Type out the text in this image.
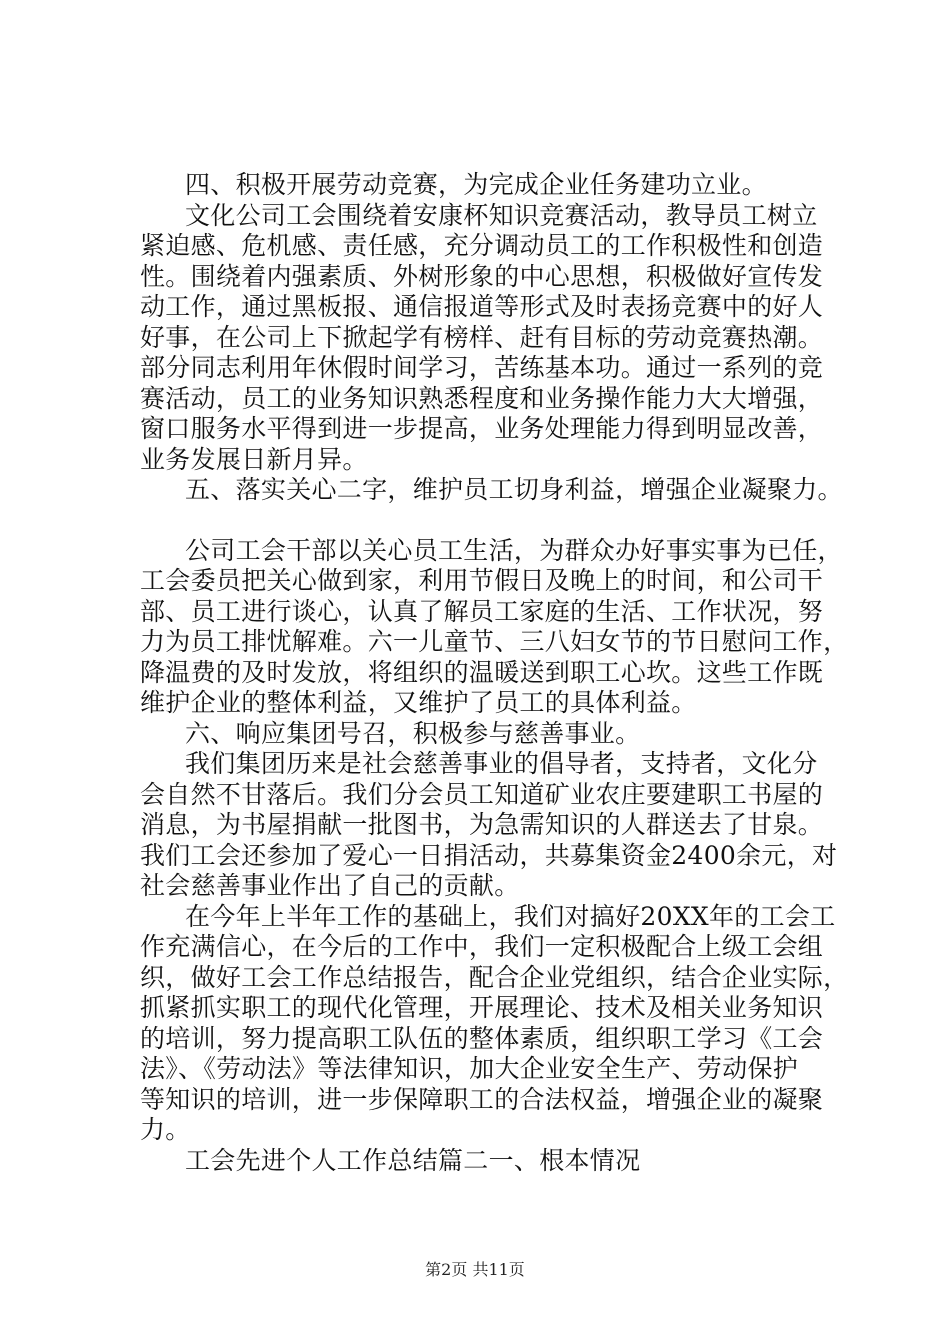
四、积极开展劳动竞赛，为完成企业任务建功立业。
文化公司工会围绕着安康杯知识竞赛活动，教导员工树立
紧迫感、危机感、责任感，充分调动员工的工作积极性和创造
性。围绕着内强素质、外树形象的中心思想，积极做好宣传发
动工作，通过黑板报、通信报道等形式及时表扬竞赛中的好人
好事，在公司上下掀起学有榜样、赶有目标的劳动竞赛热潮。
部分同志利用年休假时间学习，苦练基本功。通过一系列的竞
赛活动，员工的业务知识熟悉程度和业务操作能力大大增强，
窗口服务水平得到进一步提高，业务处理能力得到明显改善，
业务发展日新月异。
五、落实关心二字，维护员工切身利益，增强企业凝聚力。
公司工会干部以关心员工生活，为群众办好事实事为已任，
工会委员把关心做到家，利用节假日及晚上的时间，和公司干
部、员工进行谈心，认真了解员工家庭的生活、工作状况，努
力为员工排忧解难。六一儿童节、三八妇女节的节日慰问工作，
降温费的及时发放，将组织的温暖送到职工心坎。这些工作既
维护企业的整体利益，又维护了员工的具体利益。
六、响应集团号召，积极参与慈善事业。
我们集团历来是社会慈善事业的倡导者，支持者，文化分
会自然不甘落后。我们分会员工知道矿业农庄要建职工书屋的
消息，为书屋捐献一批图书，为急需知识的人群送去了甘泉。
我们工会还参加了爱心一日捐活动，共募集资金2400余元，对
社会慈善事业作出了自己的贡献。
在今年上半年工作的基础上，我们对搞好20XX年的工会工
作充满信心，在今后的工作中，我们一定积极配合上级工会组
织，做好工会工作总结报告，配合企业党组织，结合企业实际，
抓紧抓实职工的现代化管理，开展理论、技术及相关业务知识
的培训，努力提高职工队伍的整体素质，组织职工学习《工会
法》、《劳动法》等法律知识，加大企业安全生产、劳动保护
等知识的培训，进一步保障职工的合法权益，增强企业的凝聚
力。
工会先进个人工作总结篇二一、根本情况
第2页 共11页
